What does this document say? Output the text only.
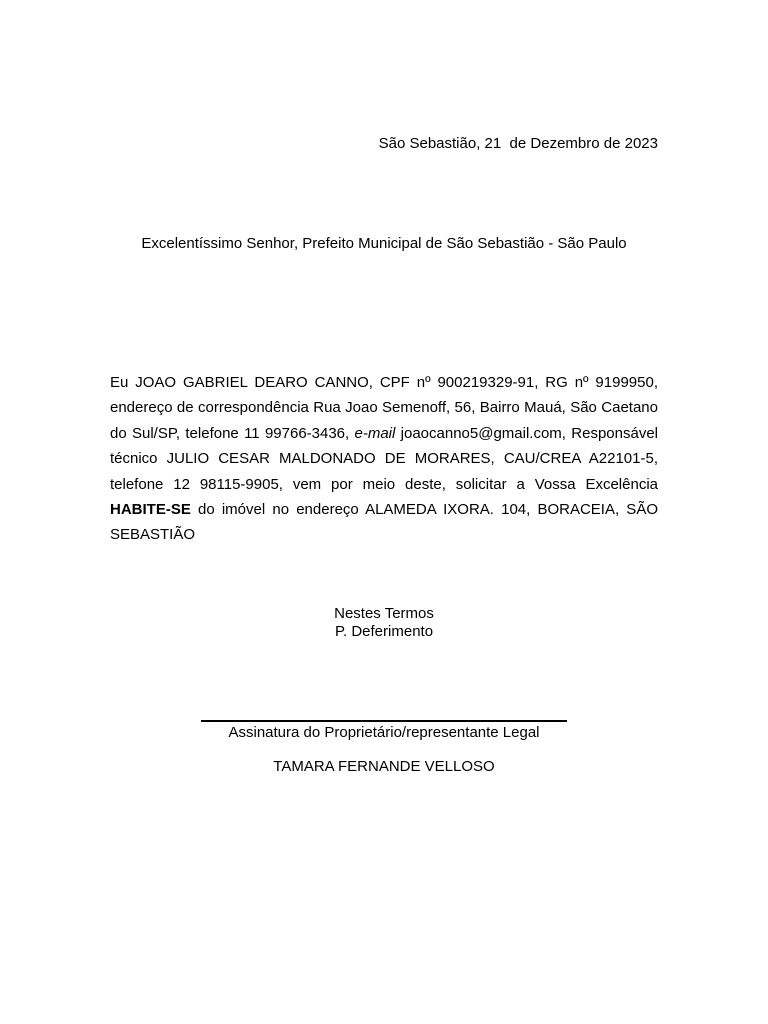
São Sebastião, 21  de Dezembro de 2023
Excelentíssimo Senhor, Prefeito Municipal de São Sebastião - São Paulo

Eu JOAO GABRIEL DEARO CANNO, CPF nº 900219329-91, RG nº 9199950, endereço de correspondência Rua Joao Semenoff, 56, Bairro Mauá, São Caetano do Sul/SP, telefone 11 99766-3436, e-mail joaocanno5@gmail.com, Responsável técnico JULIO CESAR MALDONADO DE MORARES, CAU/CREA A22101-5, telefone 12 98115-9905, vem por meio deste, solicitar a Vossa Excelência HABITE-SE do imóvel no endereço ALAMEDA IXORA. 104, BORACEIA, SÃO SEBASTIÃO

Nestes Termos
P. Deferimento
Assinatura do Proprietário/representante Legal
TAMARA FERNANDE VELLOSO
